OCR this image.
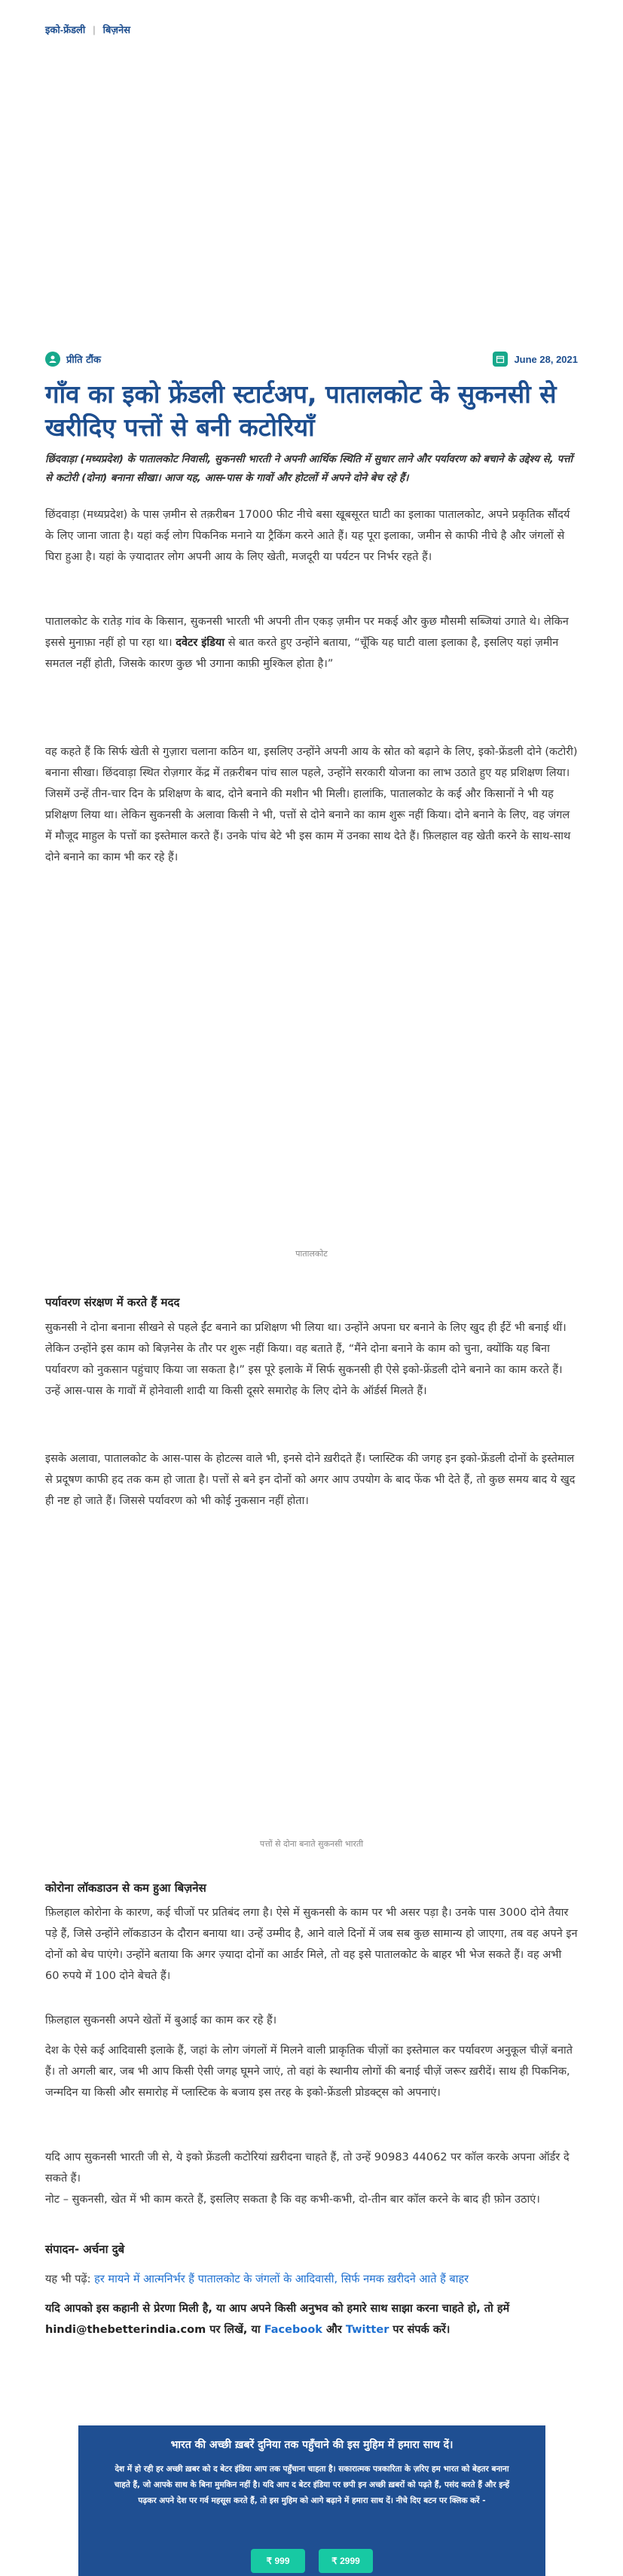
इको-फ्रेंडली | बिज़नेस
प्रीति टौंक	June 28, 2021
गाँव का इको फ्रेंडली स्टार्टअप, पातालकोट के सुकनसी से खरीदिए पत्तों से बनी कटोरियाँ
छिंदवाड़ा (मध्यप्रदेश) के पातालकोट निवासी, सुकनसी भारती ने अपनी आर्थिक स्थिति में सुधार लाने और पर्यावरण को बचाने के उद्देश्य से, पत्तों से कटोरी (दोना) बनाना सीखा। आज यह, आस-पास के गावों और होटलों में अपने दोने बेच रहे हैं।

छिंदवाड़ा (मध्यप्रदेश) के पास ज़मीन से तक़रीबन 17000 फीट नीचे बसा खूबसूरत घाटी का इलाका पातालकोट, अपने प्रकृतिक सौंदर्य के लिए जाना जाता है। यहां कई लोग पिकनिक मनाने या ट्रैकिंग करने आते हैं। यह पूरा इलाका, जमीन से काफी नीचे है और जंगलों से घिरा हुआ है। यहां के ज़्यादातर लोग अपनी आय के लिए खेती, मजदूरी या पर्यटन पर निर्भर रहते हैं।

पातालकोट के रातेड़ गांव के किसान, सुकनसी भारती भी अपनी तीन एकड़ ज़मीन पर मकई और कुछ मौसमी सब्जियां उगाते थे। लेकिन इससे मुनाफ़ा नहीं हो पा रहा था। दवेटर इंडिया से बात करते हुए उन्होंने बताया, “चूँकि यह घाटी वाला इलाका है, इसलिए यहां ज़मीन समतल नहीं होती, जिसके कारण कुछ भी उगाना काफ़ी मुश्किल होता है।”

वह कहते हैं कि सिर्फ खेती से गुज़ारा चलाना कठिन था, इसलिए उन्होंने अपनी आय के स्रोत को बढ़ाने के लिए, इको-फ्रेंडली दोने (कटोरी) बनाना सीखा। छिंदवाड़ा स्थित रोज़गार केंद्र में तक़रीबन पांच साल पहले, उन्होंने सरकारी योजना का लाभ उठाते हुए यह प्रशिक्षण लिया। जिसमें उन्हें तीन-चार दिन के प्रशिक्षण के बाद, दोने बनाने की मशीन भी मिली। हालांकि, पातालकोट के कई और किसानों ने भी यह प्रशिक्षण लिया था। लेकिन सुकनसी के अलावा किसी ने भी, पत्तों से दोने बनाने का काम शुरू नहीं किया। दोने बनाने के लिए, वह जंगल में मौजूद माहुल के पत्तों का इस्तेमाल करते हैं। उनके पांच बेटे भी इस काम में उनका साथ देते हैं। फ़िलहाल वह खेती करने के साथ-साथ दोने बनाने का काम भी कर रहे हैं।

पातालकोट
पर्यावरण संरक्षण में करते हैं मदद

सुकनसी ने दोना बनाना सीखने से पहले ईंट बनाने का प्रशिक्षण भी लिया था। उन्होंने अपना घर बनाने के लिए खुद ही ईंटें भी बनाई थीं। लेकिन उन्होंने इस काम को बिज़नेस के तौर पर शुरू नहीं किया। वह बताते हैं, “मैंने दोना बनाने के काम को चुना, क्योंकि यह बिना पर्यावरण को नुकसान पहुंचाए किया जा सकता है।” इस पूरे इलाके में सिर्फ सुकनसी ही ऐसे इको-फ्रेंडली दोने बनाने का काम करते हैं। उन्हें आस-पास के गावों में होनेवाली शादी या किसी दूसरे समारोह के लिए दोने के ऑर्डर्स मिलते हैं।

इसके अलावा, पातालकोट के आस-पास के होटल्स वाले भी, इनसे दोने ख़रीदते हैं। प्लास्टिक की जगह इन इको-फ्रेंडली दोनों के इस्तेमाल से प्रदूषण काफी हद तक कम हो जाता है। पत्तों से बने इन दोनों को अगर आप उपयोग के बाद फेंक भी देते हैं, तो कुछ समय बाद ये खुद ही नष्ट हो जाते हैं। जिससे पर्यावरण को भी कोई नुकसान नहीं होता।

पत्तों से दोना बनाते सुकनसी भारती
कोरोना लॉकडाउन से कम हुआ बिज़नेस

फ़िलहाल कोरोना के कारण, कई चीजों पर प्रतिबंद लगा है। ऐसे में सुकनसी के काम पर भी असर पड़ा है। उनके पास 3000 दोने तैयार पड़े हैं, जिसे उन्होंने लॉकडाउन के दौरान बनाया था। उन्हें उम्मीद है, आने वाले दिनों में जब सब कुछ सामान्य हो जाएगा, तब वह अपने इन दोनों को बेच पाएंगे। उन्होंने बताया कि अगर ज़्यादा दोनों का आर्डर मिले, तो वह इसे पातालकोट के बाहर भी भेज सकते हैं। वह अभी 60 रुपये में 100 दोने बेचते हैं।

फ़िलहाल सुकनसी अपने खेतों में बुआई का काम कर रहे हैं।

देश के ऐसे कई आदिवासी इलाके हैं, जहां के लोग जंगलों में मिलने वाली प्राकृतिक चीज़ों का इस्तेमाल कर पर्यावरण अनुकूल चीज़ें बनाते हैं। तो अगली बार, जब भी आप किसी ऐसी जगह घूमने जाएं, तो वहां के स्थानीय लोगों की बनाई चीज़ें जरूर ख़रीदें। साथ ही पिकनिक, जन्मदिन या किसी और समारोह में प्लास्टिक के बजाय इस तरह के इको-फ्रेंडली प्रोडक्ट्स को अपनाएं।

यदि आप सुकनसी भारती जी से, ये इको फ्रेंडली कटोरियां ख़रीदना चाहते हैं, तो उन्हें 90983 44062 पर कॉल करके अपना ऑर्डर दे सकते हैं।

नोट – सुकनसी, खेत में भी काम करते हैं, इसलिए सकता है कि वह कभी-कभी, दो-तीन बार कॉल करने के बाद ही फ़ोन उठाएं।

संपादन- अर्चना दुबे

यह भी पढ़ें: हर मायने में आत्मनिर्भर हैं पातालकोट के जंगलों के आदिवासी, सिर्फ नमक ख़रीदने आते हैं बाहर

यदि आपको इस कहानी से प्रेरणा मिली है, या आप अपने किसी अनुभव को हमारे साथ साझा करना चाहते हो, तो हमें hindi@thebetterindia.com पर लिखें, या Facebook और Twitter पर संपर्क करें।

भारत की अच्छी ख़बरें दुनिया तक पहुँचाने की इस मुहिम में हमारा साथ दें।
देश में हो रही हर अच्छी ख़बर को द बेटर इंडिया आप तक पहुँचाना चाहता है। सकारात्मक पत्रकारिता के ज़रिए हम भारत को बेहतर बनाना चाहते हैं, जो आपके साथ के बिना मुमकिन नहीं है। यदि आप द बेटर इंडिया पर छपी इन अच्छी ख़बरों को पढ़ते हैं, पसंद करते हैं और इन्हें पढ़कर अपने देश पर गर्व महसूस करते हैं, तो इस मुहिम को आगे बढ़ाने में हमारा साथ दें। नीचे दिए बटन पर क्लिक करें -
₹ 999	₹ 2999
